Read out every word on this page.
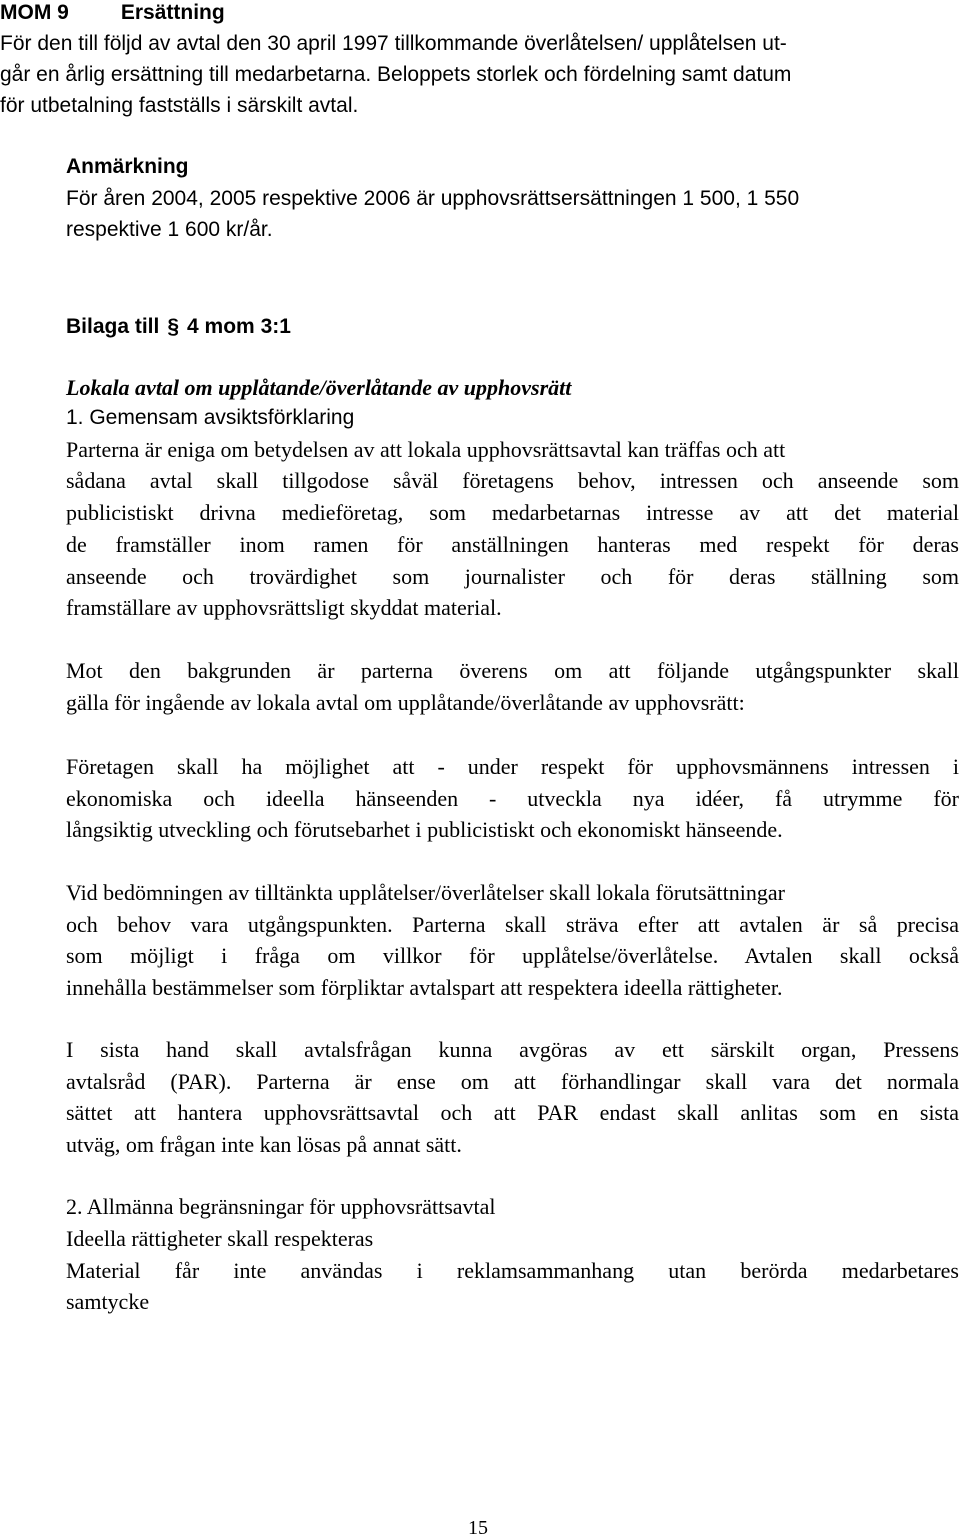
MOM 9 Ersättning
För den till följd av avtal den 30 april 1997 tillkommande överlåtelsen/ upplåtelsen ut-
går en årlig ersättning till medarbetarna. Beloppets storlek och fördelning samt datum
för utbetalning fastställs i särskilt avtal.
Anmärkning
För åren 2004, 2005 respektive 2006 är upphovsrättsersättningen 1 500, 1 550
respektive 1 600 kr/år.
Bilaga till § 4 mom 3:1
Lokala avtal om upplåtande/överlåtande av upphovsrätt
1. Gemensam avsiktsförklaring
Parterna är eniga om betydelsen av att lokala upphovsrättsavtal kan träffas och att
sådana avtal skall tillgodose såväl företagens behov, intressen och anseende som
publicistiskt drivna medieföretag, som medarbetarnas intresse av att det material
de framställer inom ramen för anställningen hanteras med respekt för deras
anseende och trovärdighet som journalister och för deras ställning som
framställare av upphovsrättsligt skyddat material.
Mot den bakgrunden är parterna överens om att följande utgångspunkter skall
gälla för ingående av lokala avtal om upplåtande/överlåtande av upphovsrätt:
Företagen skall ha möjlighet att - under respekt för upphovsmännens intressen i
ekonomiska och ideella hänseenden - utveckla nya idéer, få utrymme för
långsiktig utveckling och förutsebarhet i publicistiskt och ekonomiskt hänseende.
Vid bedömningen av tilltänkta upplåtelser/överlåtelser skall lokala förutsättningar
och behov vara utgångspunkten. Parterna skall sträva efter att avtalen är så precisa
som möjligt i fråga om villkor för upplåtelse/överlåtelse. Avtalen skall också
innehålla bestämmelser som förpliktar avtalspart att respektera ideella rättigheter.
I sista hand skall avtalsfrågan kunna avgöras av ett särskilt organ, Pressens
avtalsråd (PAR). Parterna är ense om att förhandlingar skall vara det normala
sättet att hantera upphovsrättsavtal och att PAR endast skall anlitas som en sista
utväg, om frågan inte kan lösas på annat sätt.
2. Allmänna begränsningar för upphovsrättsavtal
Ideella rättigheter skall respekteras
Material får inte användas i reklamsammanhang utan berörda medarbetares
samtycke
15
